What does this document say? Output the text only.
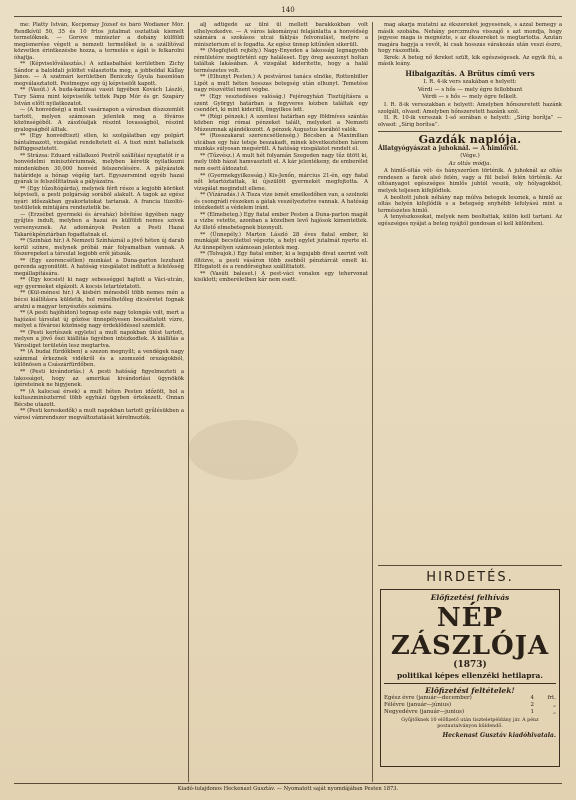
140

me: Platty István, Kecpomay József és báró Wodianer Mór. Rendkívül 50, 35 és 10 frtos jutalmat osztattak kiemelt termelőknek. — Gorove miniszter a dohány külföldi megismerése végett a nemzeti termelőket is a szállítóval közvetlen érintkezésbe hozza, a termelés e ágát is felkarolni óhajtja.

** (Képviselőválasztás.) A szilasbalhási kerületben Zichy Sándor a baloldali jelöltet választotta meg, a jobboldal Kállay János. — A szatmári kerületben Beniczky Gyula hasonlóan megválasztatott. Pestmegye egy új képviselőt kapott.

** (Vasút.) A buda-kanizsai vasút ügyében Kovách László, Tury Sámu mint képviselők tettek Papp Mór és gr. Szapáry István előtt nyilatkozatot.

— (A honvédség) a mult vasárnapon a városban díszszemlét tartott, melyen számosan jelentek meg a főváros közönségéből. A zászlóaljak részint lovasságból, részint gyalogságból álltak.

** (Egy honvédtiszt) ellen, ki szolgálatban egy polgárt bántalmazott, vizsgálat rendeltetett el. A tiszt mint hallatszik felfüggesztetett.

** Strázsa: Eduard vállalkozó Pestről szállítási nyugtatót ír a honvédelmi minisztériumnak, melyben kéretik nyilatkozni mindenkiben 30,000 honvéd felszerelésére. A pályázatok határideje a hónap végéig tart. Egyszersmind egyéb hazai gyárak is felszólíttatnak a pályázatra.

** (Egy tűzoltógárda), melynek férfi része a legjobb köröket képviseli, a pesti polgárság sorából alakult. A tagok az egész nyári időszakban gyakorlatokat tartanak. A francia tüzoltó-testületek mintájára rendeztetik be.

— (Erzsébet gyermeki és árvaház) bővítése ügyében nagy gyűjtés indult, melyben a hazai és külföldi nemes szívek versenyeznek. Az adományok Pesten a Pesti Hazai Takarékpénztárban fogadtatnak el.

** (Színházi hír.) A Nemzeti Színháznál a jövő héten új darab kerül színre, melynek próbái már folyamatban vannak. A főszerepeket a társulat legjobb erői játszák.

** (Egy szerencsétlen) munkást a Duna-parton lezuhant gerenda agyonütött. A hatóság vizsgálatot indított a felelősség megállapítására.

** (Egy kocsist) ki nagy sebességgel hajtott a Váci-utcán, egy gyermeket elgázolt. A kocsis letartóztatott.

** (Kül-ménesi hír.) A kisbéri ménesből több nemes mén a bécsi kiállításra küldetik, hol remélhetőleg dicséretet fognak aratni a magyar tenyésztés számára.

** (A pesti hajóhídon) tegnap este nagy tolongás volt, mert a hajózási társulat új gőzöse ünnepélyesen bocsáttatott vízre, melyet a fővárosi közönség nagy érdeklődéssel szemlélt.

** (Pesti kertészek egylete) a mult napokban ülést tartott, melyen a jövő őszi kiállítás ügyében intézkedtek. A kiállítás a Városliget területén lesz megtartva.

** (A budai fürdőkben) a szezon megnyílt; a vendégek nagy számmal érkeznek vidékről és a szomszéd országokból, különösen a Császárfürdőben.

** (Pesti kivándorlás.) A pesti hatóság figyelmezteti a lakosságot, hogy az amerikai kivándorlási ügynökök ígéreteinek ne higyjenek.

** (A kalocsai érsek) a mult héten Pesten időzött, hol a kultuszminiszterrel több egyházi ügyben értekezett. Onnan Bécsbe utazott.

** (Pesti kereskedők) a mult napokban tartott gyűlésükben a városi vámrendszer megváltoztatását kérelmezték.

alj adtigedé az ülni ül mellett barakkokban volt elhelyezkedve. — A város lakományai felajánlatta a honvédség számára a szokásos utcai fáklyás felvonulást, melyre a miniszterium el is fogadta. Az egész ünnep kitűnően sikerült.

** (Megfejtett rejtély.) Nagy-Enyeden a lakosság legnagyobb rémületére megtörtént egy haláleset. Egy öreg asszonyt holtan találtak lakásában. A vizsgálat kiderítette, hogy a halál természetes volt.

** (Elhunyt Pesten.) A pestvárosi tanács elnöke, Rottenbiller Lipót a mult héten hosszas betegség után elhunyt. Temetése nagy részvéttel ment végbe.

** (Egy vesztedéses valóság.) Fejéregyházi Tisztújításra a szent Györgyi határban a fegyveres kézben találtak egy csendőrt, ki mint kiderült, öngyilkos lett.

** (Régi pénzek.) A szentesi határban egy földmíves szántás közben régi római pénzeket talált, melyeket a Nemzeti Múzeumnak ajándékozott. A pénzek Augustus korából valók.

** (Rosszakarat szerencsétlenség.) Bécsben a Maximilian utcában egy ház teteje beszakadt, minek következtében három munkás súlyosan megsérült. A hatóság vizsgálatot rendelt el.

** (Tűzvész.) A mult hét folyamán Szegeden nagy tűz ütött ki, mely több házat hamvasztott el. A kár jelentékeny, de emberélet nem esett áldozatul.

** (Gyermekgyilkosság.) Kis-Jenőn, március 21-én, egy fiatal nőt letartóztattak, ki újszülött gyermekét megfojtotta. A vizsgálat megindult ellene.

** (Vízáradás.) A Tisza vize ismét emelkedőben van, a szolnoki és csongrádi részeken a gátak veszélyeztetve vannak. A hatóság intézkedett a védelem iránt.

** (Elmebeteg.) Egy fiatal ember Pesten a Duna-parton magát a vízbe vetette, azonban a közelben levő hajósok kimentették. Az illető elmebetegnek bizonyult.

** (Ünnepély.) Marton László 28 éves fiatal ember, ki munkáját becsülettel végezte, a helyi egylet jutalmát nyerte el. Az ünnepélyen számosan jelentek meg.

** (Tolvajok.) Egy fiatal ember, ki a legujabb divat szerint volt öltözve, a pesti vásáron több zsebből pénztárcát emelt ki. Elfogatott és a rendőrséghez szállíttatott.

** (Vasúti baleset.) A pest-váci vonalon egy tehervonat kisiklott; emberéletben kár nem esett.

mag akarja mutatni az ékszerekét jegyesének, s azzal bemegy a másik szobába. Nehány perczmulva visszajő s azt mondja, hogy jegyese maga is megnézte, s az ékszereket is megtartotta. Azután magára hagyja a vevőt, ki csak hosszas várakozás után veszi észre, hogy rászedték.

Ikrek: A beteg nő ikreket szült, kik egészségesek. Az egyik fiú, a másik leány.

Hibaigazítás. A Brütus című vers
I. R. 4-ik vers szakában e helyett:
Vérdi — s hős — mely égre fellobbant
Vérdi — s hős — mely égre felkelt.

I. R. 8-ik versszakban e helyett: Amelyben hőnszeretett hazánk szolgált, olvasd: Amelyben hőnszeretett hazánk szól.

II. R. 10-ik versszak 1-ső sorában e helyett: „Sírig borítja” — olvasd: „Sírig borítsa”.

Gazdák naplója.
Állatgyógyászat a juhoknál. — A himlőről.
(Vége.)
Az oltás módja.

A himlő-oltás vét- és hányszerűen történik. A juhoknál az oltás rendesen a farok alsó felén, vagy a fül belső felén történik. Az oltóanyagot egészséges himlős juhtól veszik, oly hólyagokból, melyek teljesen kifejlődtek.

A beoltott juhok néhány nap múlva betegek lesznek, a himlő az oltás helyén kifejlődik s a betegség enyhébb lefolyású mint a természetes himlő.

A tenyészkosokat, melyek nem beoltattak, külön kell tartani. Az egészséges nyájat a beteg nyájtól gondosan el kell különíteni.

HIRDETÉS.
Előfizetési felhívás
NÉP ZÁSZLÓJA
(1873)
politikai képes ellenzéki hetilapra.
Előfizetési feltételek!
Egész évre (január—december)	4	frt.
Félévre (január—június)	2	„
Negyedévre (január—junius)	1	„
Gyűjtőknek 10 előfizető után tiszteletpéldány jár. A pénz postautalványon küldendő.
Heckenast Gusztáv kiadóhivatala.
Kiadó-tulajdonos Heckenast Gusztáv. — Nyomatott saját nyomdájában Pesten 1873.
